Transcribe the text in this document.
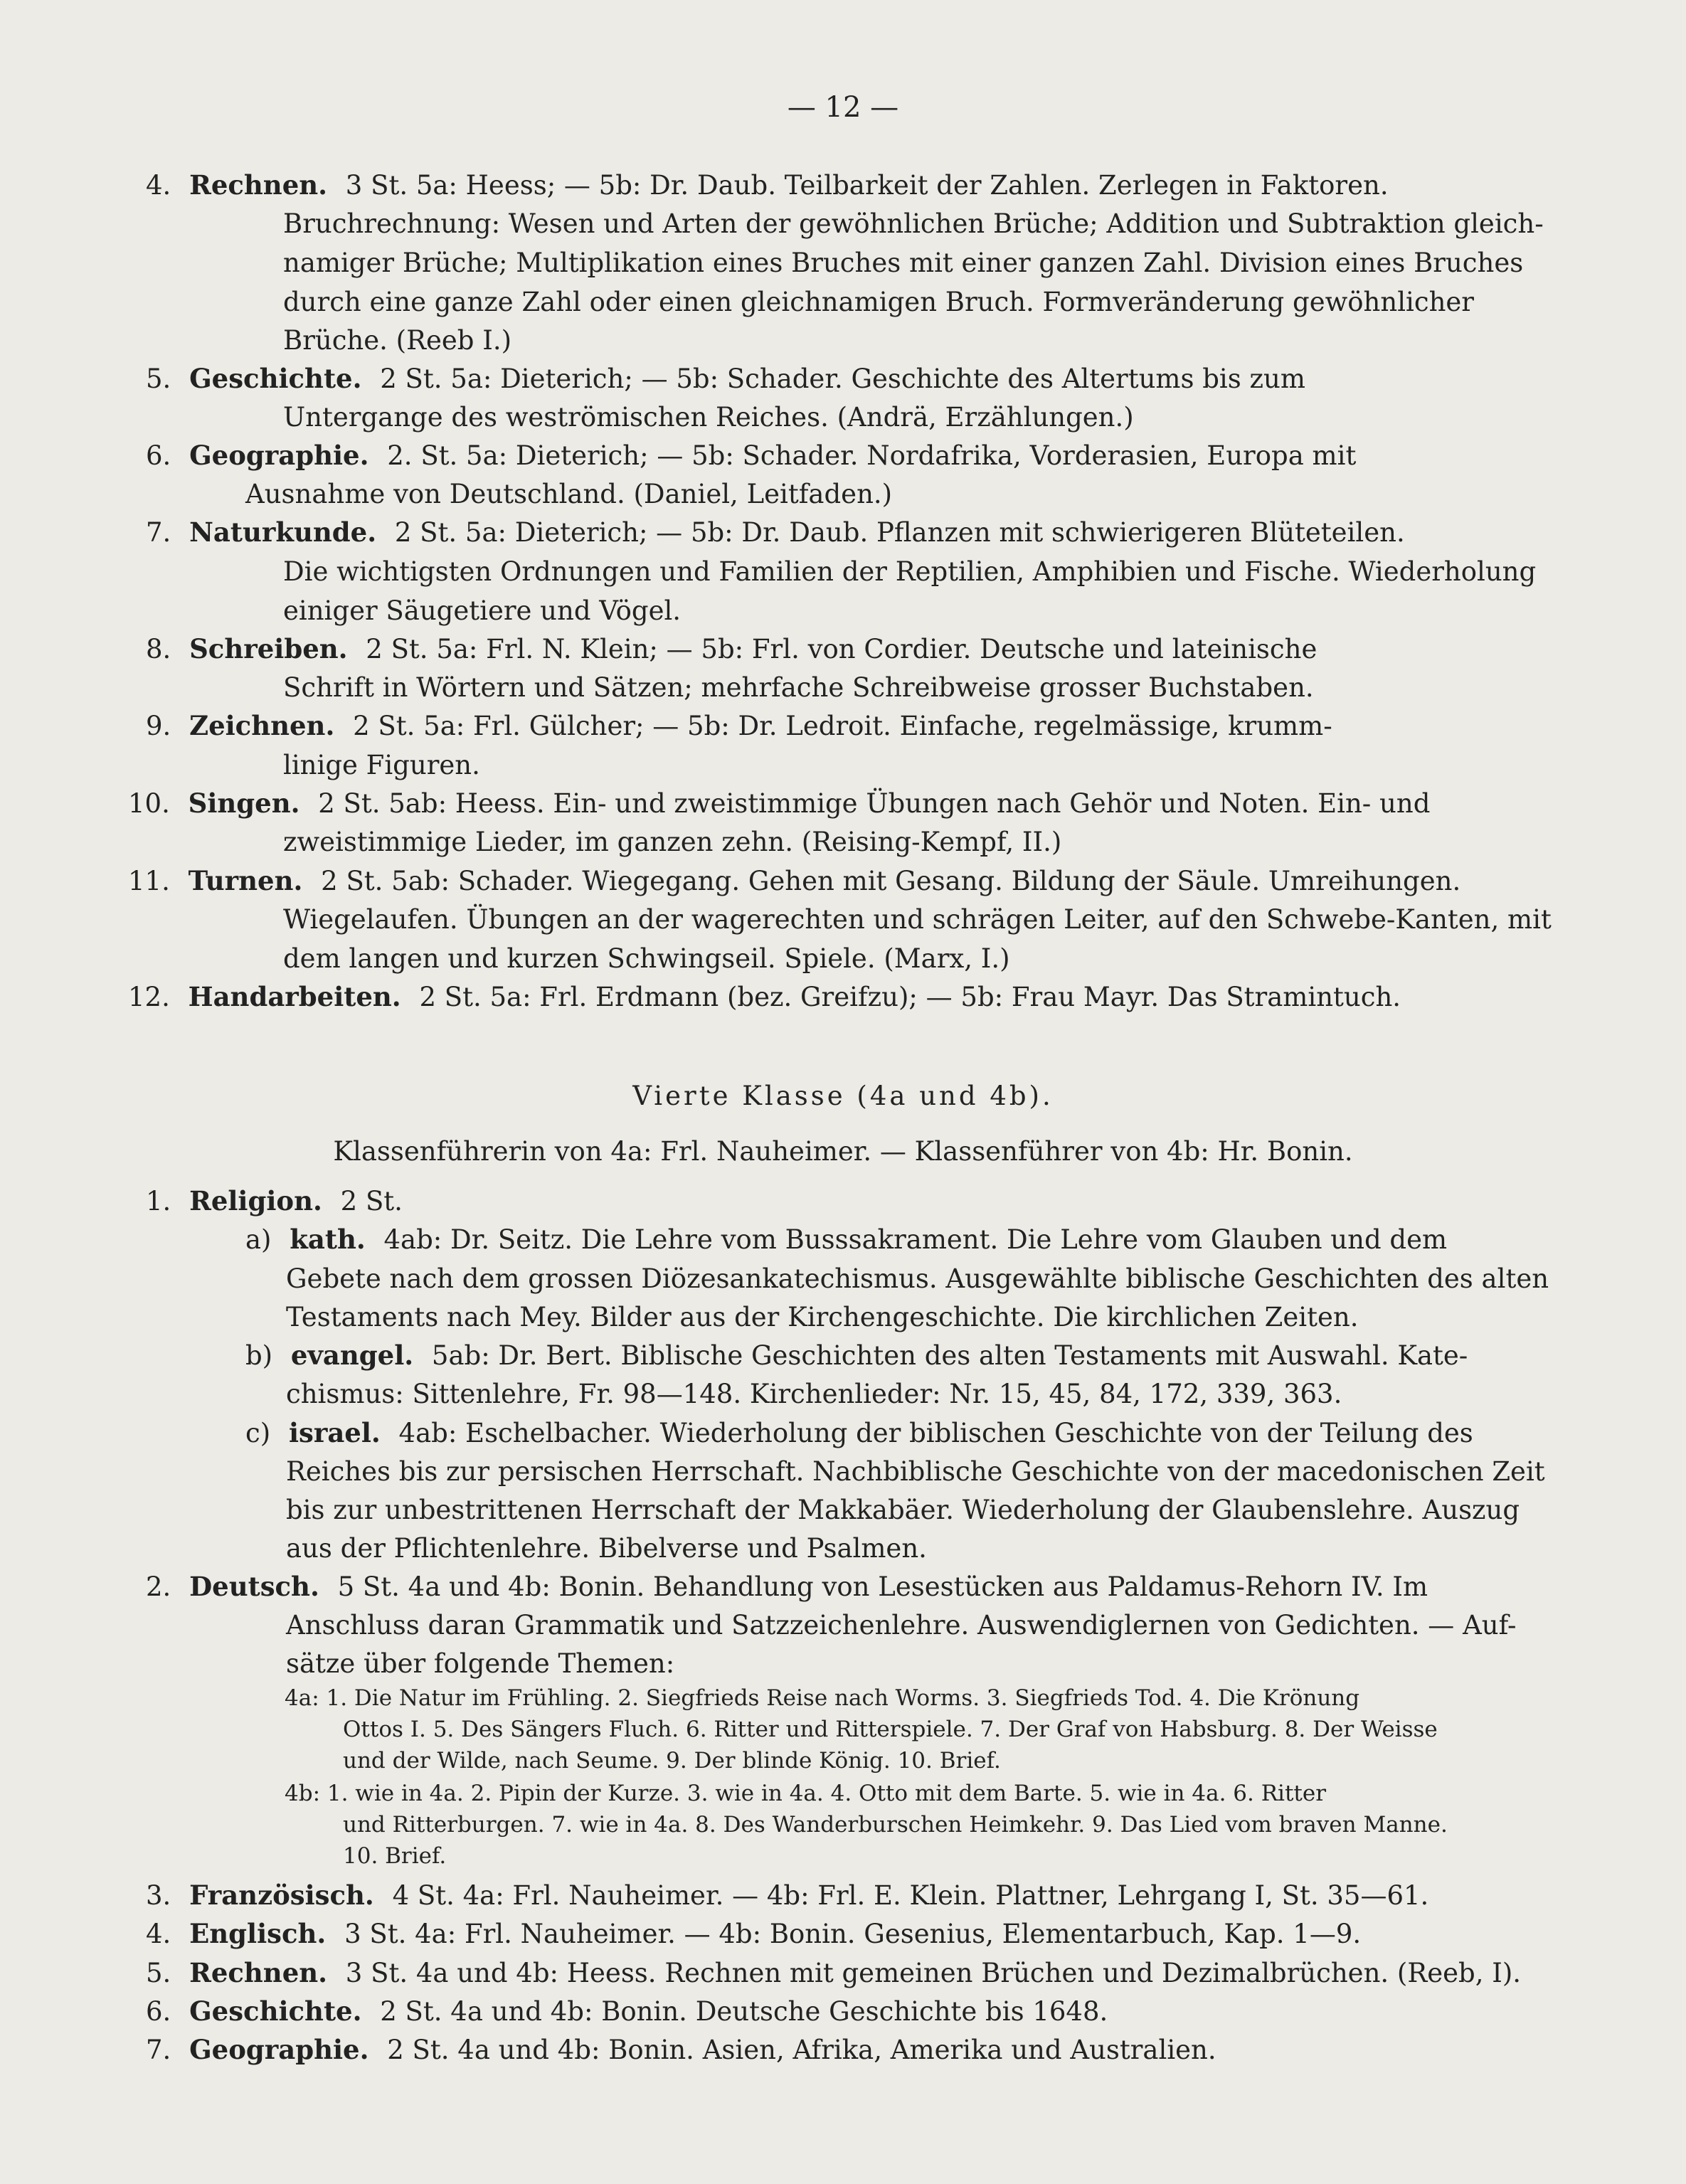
— 12 —
4. Rechnen. 3 St. 5a: Heess; — 5b: Dr. Daub. Teilbarkeit der Zahlen. Zerlegen in Faktoren.
Bruchrechnung: Wesen und Arten der gewöhnlichen Brüche; Addition und Subtraktion gleich-
namiger Brüche; Multiplikation eines Bruches mit einer ganzen Zahl. Division eines Bruches
durch eine ganze Zahl oder einen gleichnamigen Bruch. Formveränderung gewöhnlicher
Brüche. (Reeb I.)
5. Geschichte. 2 St. 5a: Dieterich; — 5b: Schader. Geschichte des Altertums bis zum
Untergange des weströmischen Reiches. (Andrä, Erzählungen.)
6. Geographie. 2. St. 5a: Dieterich; — 5b: Schader. Nordafrika, Vorderasien, Europa mit
Ausnahme von Deutschland. (Daniel, Leitfaden.)
7. Naturkunde. 2 St. 5a: Dieterich; — 5b: Dr. Daub. Pflanzen mit schwierigeren Blüteteilen.
Die wichtigsten Ordnungen und Familien der Reptilien, Amphibien und Fische. Wiederholung
einiger Säugetiere und Vögel.
8. Schreiben. 2 St. 5a: Frl. N. Klein; — 5b: Frl. von Cordier. Deutsche und lateinische
Schrift in Wörtern und Sätzen; mehrfache Schreibweise grosser Buchstaben.
9. Zeichnen. 2 St. 5a: Frl. Gülcher; — 5b: Dr. Ledroit. Einfache, regelmässige, krumm-
linige Figuren.
10. Singen. 2 St. 5ab: Heess. Ein- und zweistimmige Übungen nach Gehör und Noten. Ein- und
zweistimmige Lieder, im ganzen zehn. (Reising-Kempf, II.)
11. Turnen. 2 St. 5ab: Schader. Wiegegang. Gehen mit Gesang. Bildung der Säule. Umreihungen.
Wiegelaufen. Übungen an der wagerechten und schrägen Leiter, auf den Schwebe-Kanten, mit
dem langen und kurzen Schwingseil. Spiele. (Marx, I.)
12. Handarbeiten. 2 St. 5a: Frl. Erdmann (bez. Greifzu); — 5b: Frau Mayr. Das Stramintuch.
Vierte Klasse (4a und 4b).
Klassenführerin von 4a: Frl. Nauheimer. — Klassenführer von 4b: Hr. Bonin.
1. Religion. 2 St.
a) kath. 4ab: Dr. Seitz. Die Lehre vom Busssakrament. Die Lehre vom Glauben und dem
Gebete nach dem grossen Diözesankatechismus. Ausgewählte biblische Geschichten des alten
Testaments nach Mey. Bilder aus der Kirchengeschichte. Die kirchlichen Zeiten.
b) evangel. 5ab: Dr. Bert. Biblische Geschichten des alten Testaments mit Auswahl. Kate-
chismus: Sittenlehre, Fr. 98—148. Kirchenlieder: Nr. 15, 45, 84, 172, 339, 363.
c) israel. 4ab: Eschelbacher. Wiederholung der biblischen Geschichte von der Teilung des
Reiches bis zur persischen Herrschaft. Nachbiblische Geschichte von der macedonischen Zeit
bis zur unbestrittenen Herrschaft der Makkabäer. Wiederholung der Glaubenslehre. Auszug
aus der Pflichtenlehre. Bibelverse und Psalmen.
2. Deutsch. 5 St. 4a und 4b: Bonin. Behandlung von Lesestücken aus Paldamus-Rehorn IV. Im
Anschluss daran Grammatik und Satzzeichenlehre. Auswendiglernen von Gedichten. — Auf-
sätze über folgende Themen:
4a: 1. Die Natur im Frühling. 2. Siegfrieds Reise nach Worms. 3. Siegfrieds Tod. 4. Die Krönung
Ottos I. 5. Des Sängers Fluch. 6. Ritter und Ritterspiele. 7. Der Graf von Habsburg. 8. Der Weisse
und der Wilde, nach Seume. 9. Der blinde König. 10. Brief.
4b: 1. wie in 4a. 2. Pipin der Kurze. 3. wie in 4a. 4. Otto mit dem Barte. 5. wie in 4a. 6. Ritter
und Ritterburgen. 7. wie in 4a. 8. Des Wanderburschen Heimkehr. 9. Das Lied vom braven Manne.
10. Brief.
3. Französisch. 4 St. 4a: Frl. Nauheimer. — 4b: Frl. E. Klein. Plattner, Lehrgang I, St. 35—61.
4. Englisch. 3 St. 4a: Frl. Nauheimer. — 4b: Bonin. Gesenius, Elementarbuch, Kap. 1—9.
5. Rechnen. 3 St. 4a und 4b: Heess. Rechnen mit gemeinen Brüchen und Dezimalbrüchen. (Reeb, I).
6. Geschichte. 2 St. 4a und 4b: Bonin. Deutsche Geschichte bis 1648.
7. Geographie. 2 St. 4a und 4b: Bonin. Asien, Afrika, Amerika und Australien.
